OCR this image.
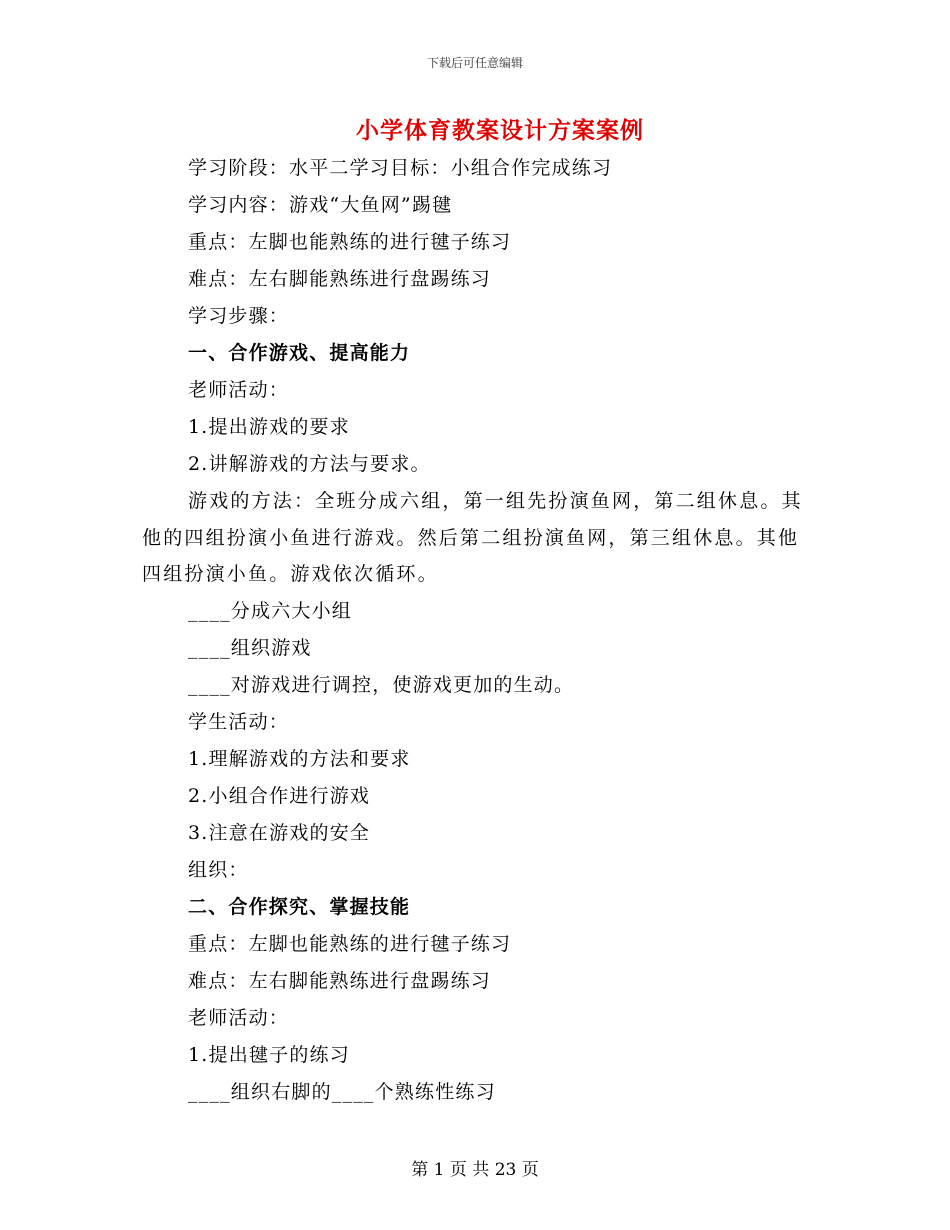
下载后可任意编辑
小学体育教案设计方案案例
学习阶段：水平二学习目标：小组合作完成练习
学习内容：游戏“大鱼网”踢毽
重点：左脚也能熟练的进行毽子练习
难点：左右脚能熟练进行盘踢练习
学习步骤：
一、合作游戏、提高能力
老师活动：
1.提出游戏的要求
2.讲解游戏的方法与要求。
游戏的方法：全班分成六组，第一组先扮演鱼网，第二组休息。其他的四组扮演小鱼进行游戏。然后第二组扮演鱼网，第三组休息。其他四组扮演小鱼。游戏依次循环。
____分成六大小组
____组织游戏
____对游戏进行调控，使游戏更加的生动。
学生活动：
1.理解游戏的方法和要求
2.小组合作进行游戏
3.注意在游戏的安全
组织：
二、合作探究、掌握技能
重点：左脚也能熟练的进行毽子练习
难点：左右脚能熟练进行盘踢练习
老师活动：
1.提出毽子的练习
____组织右脚的____个熟练性练习
第 1 页 共 23 页
